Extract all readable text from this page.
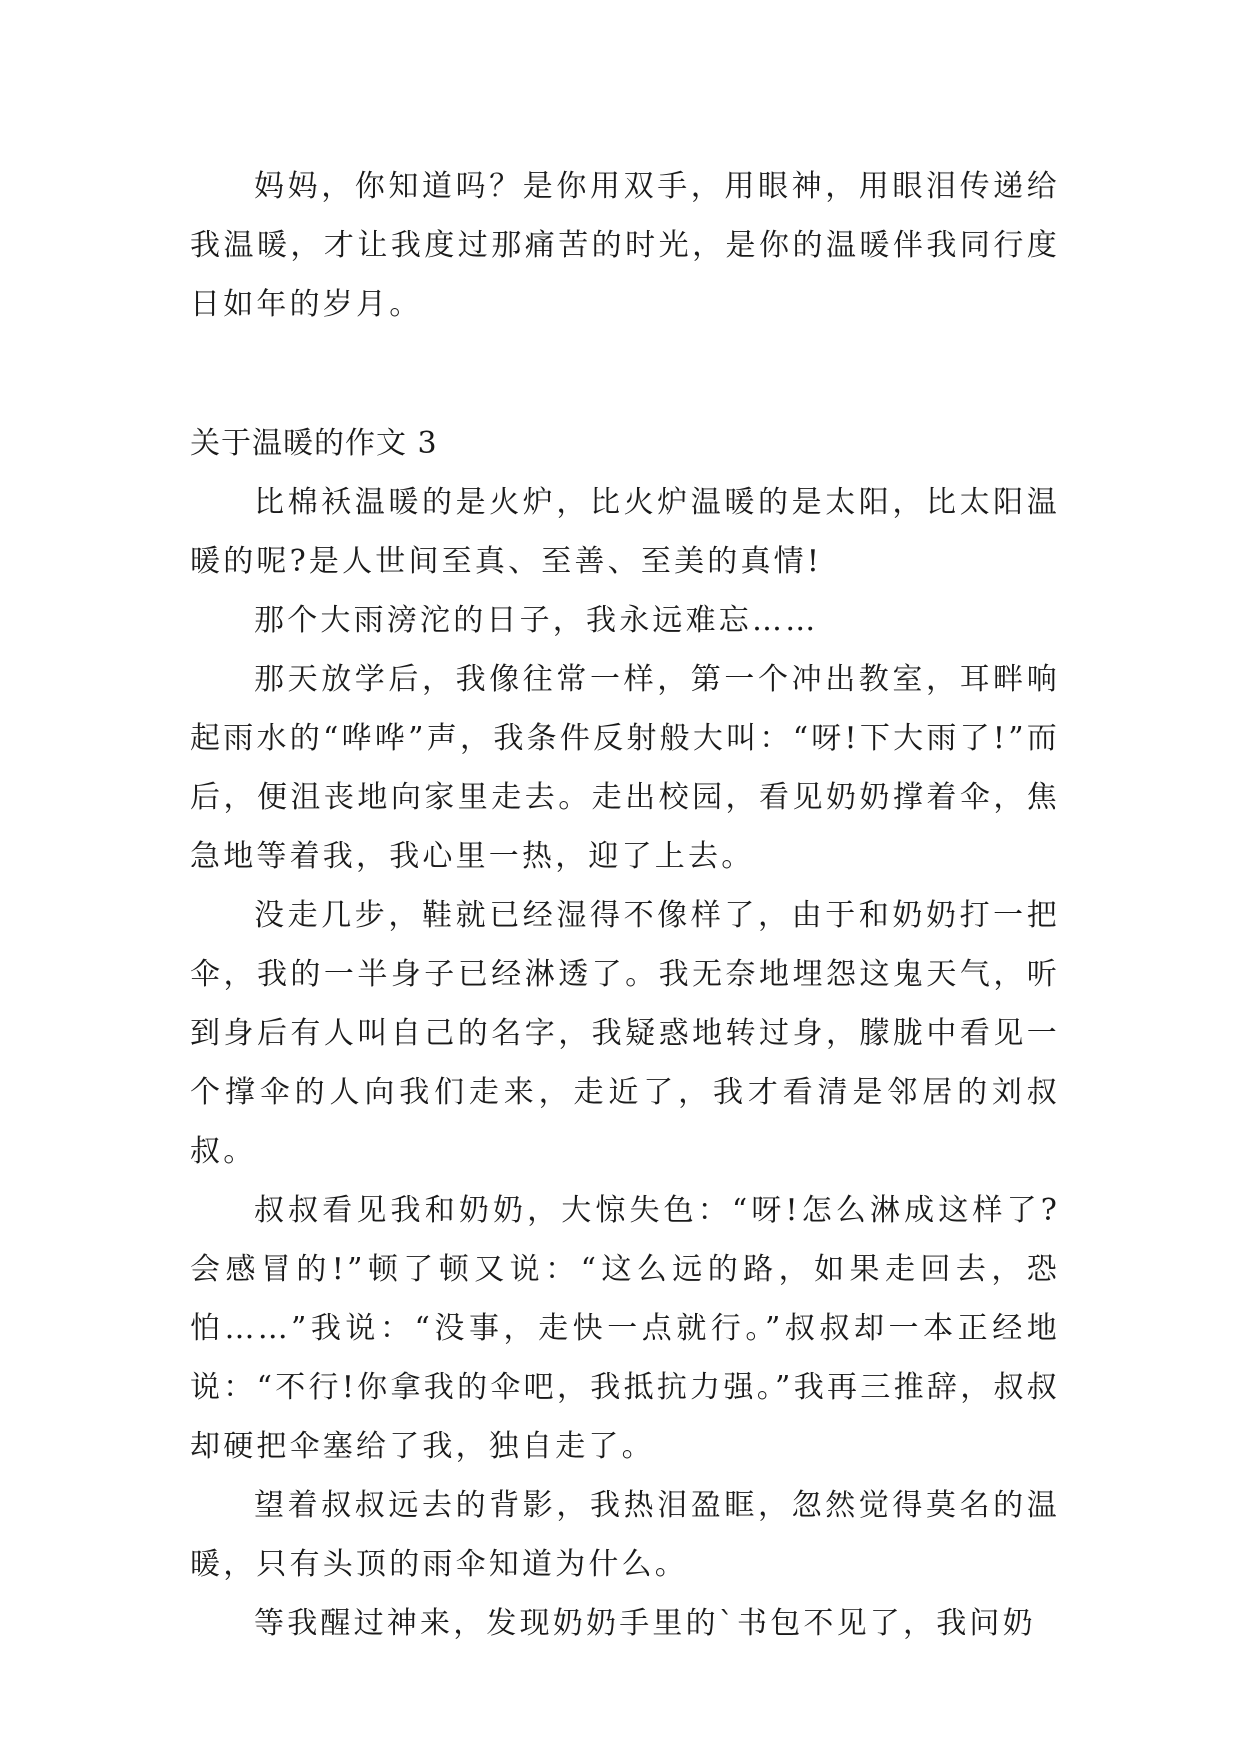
妈妈，你知道吗？是你用双手，用眼神，用眼泪传递给我温暖，才让我度过那痛苦的时光，是你的温暖伴我同行度日如年的岁月。

关于温暖的作文 3

比棉袄温暖的是火炉，比火炉温暖的是太阳，比太阳温暖的呢?是人世间至真、至善、至美的真情!

那个大雨滂沱的日子，我永远难忘……

那天放学后，我像往常一样，第一个冲出教室，耳畔响起雨水的“哗哗”声，我条件反射般大叫：“呀!下大雨了!”而后，便沮丧地向家里走去。走出校园，看见奶奶撑着伞，焦急地等着我，我心里一热，迎了上去。

没走几步，鞋就已经湿得不像样了，由于和奶奶打一把伞，我的一半身子已经淋透了。我无奈地埋怨这鬼天气，听到身后有人叫自己的名字，我疑惑地转过身，朦胧中看见一个撑伞的人向我们走来，走近了，我才看清是邻居的刘叔叔。

叔叔看见我和奶奶，大惊失色：“呀!怎么淋成这样了?会感冒的!”顿了顿又说：“这么远的路，如果走回去，恐怕……”我说：“没事，走快一点就行。”叔叔却一本正经地说：“不行!你拿我的伞吧，我抵抗力强。”我再三推辞，叔叔却硬把伞塞给了我，独自走了。

望着叔叔远去的背影，我热泪盈眶，忽然觉得莫名的温暖，只有头顶的雨伞知道为什么。

等我醒过神来，发现奶奶手里的`书包不见了，我问奶
